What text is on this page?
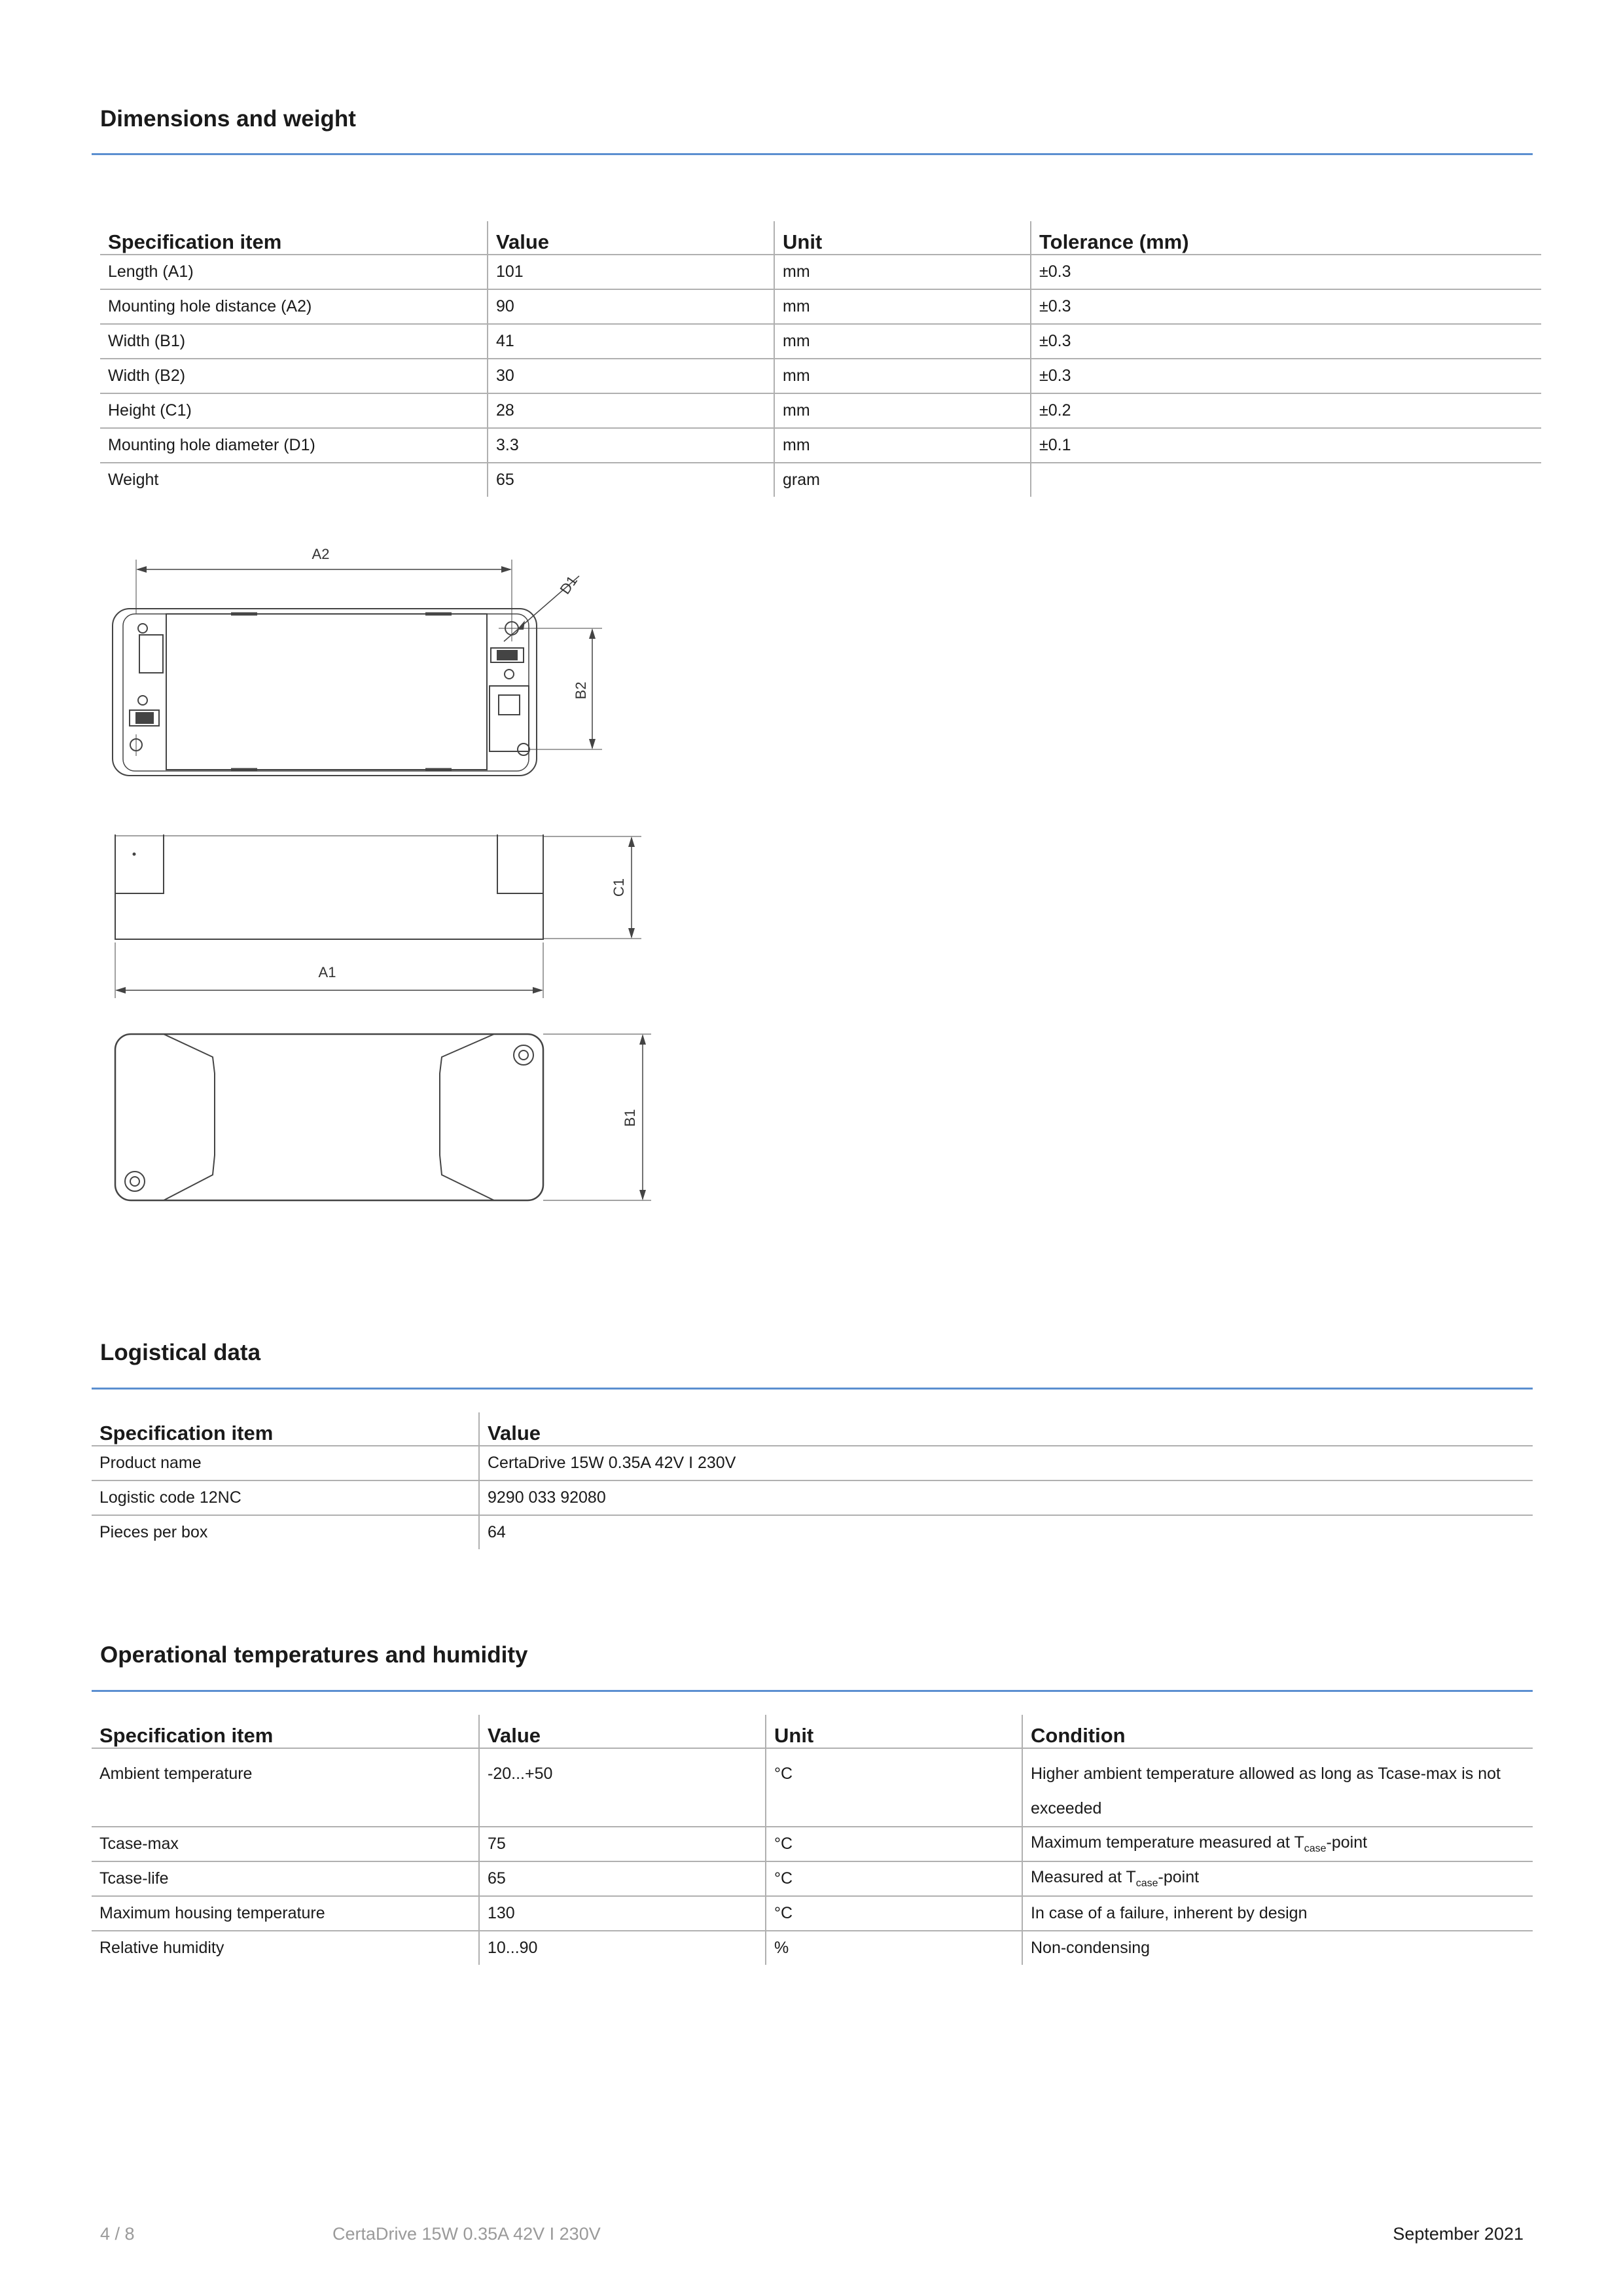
Dimensions and weight
Specification item	Value	Unit	Tolerance (mm)
Length (A1)	101	mm	±0.3
Mounting hole distance (A2)	90	mm	±0.3
Width (B1)	41	mm	±0.3
Width (B2)	30	mm	±0.3
Height (C1)	28	mm	±0.2
Mounting hole diameter (D1)	3.3	mm	±0.1
Weight	65	gram	
A2
D1
B2
C1
A1
B1
Logistical data
Specification item	Value
Product name	CertaDrive 15W 0.35A 42V I 230V
Logistic code 12NC	9290 033 92080
Pieces per box	64
Operational temperatures and humidity
Specification item	Value	Unit	Condition
Ambient temperature	-20...+50	°C	Higher ambient temperature allowed as long as Tcase-max is not exceeded
Tcase-max	75	°C	Maximum temperature measured at $T_{case}$-point
Tcase-life	65	°C	Measured at $T_{case}$-point
Maximum housing temperature	130	°C	In case of a failure, inherent by design
Relative humidity	10...90	%	Non-condensing
4 / 8	CertaDrive 15W 0.35A 42V I 230V	September 2021
